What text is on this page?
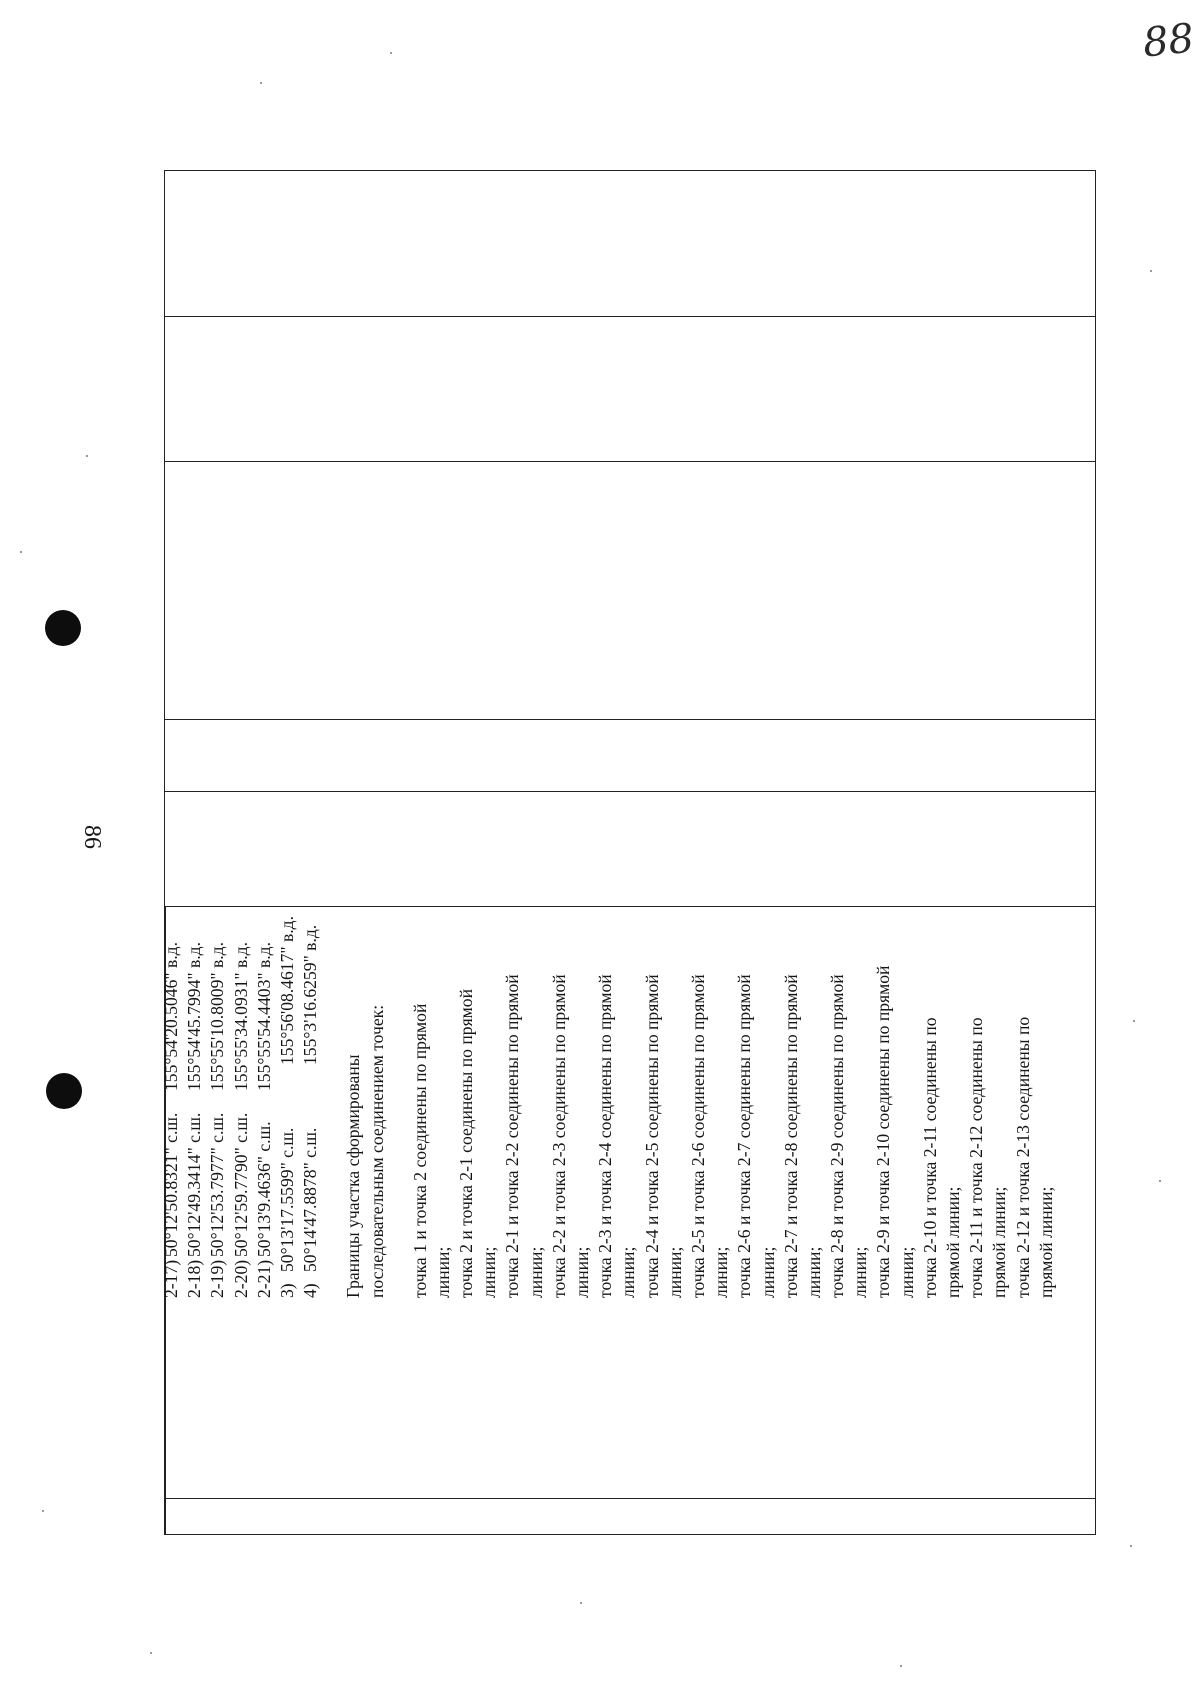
88
86
2-17)
50°12'50.8321" с.ш.
155°54'20.5046" в.д.
2-18)
50°12'49.3414" с.ш.
155°54'45.7994" в.д.
2-19)
50°12'53.7977" с.ш.
155°55'10.8009" в.д.
2-20)
50°12'59.7790" с.ш.
155°55'34.0931" в.д.
2-21)
50°13'9.4636" с.ш.
155°55'54.4403" в.д.
3)
50°13'17.5599" с.ш.
155°56'08.4617" в.д.
4)
50°14'47.8878" с.ш.
155°3'16.6259" в.д.
Границы участка сформированы последовательным соединением точек: точка 1 и точка 2 соединены по прямой линии; точка 2 и точка 2-1 соединены по прямой линии; точка 2-1 и точка 2-2 соединены по прямой линии; точка 2-2 и точка 2-3 соединены по прямой линии; точка 2-3 и точка 2-4 соединены по прямой линии; точка 2-4 и точка 2-5 соединены по прямой линии; точка 2-5 и точка 2-6 соединены по прямой линии; точка 2-6 и точка 2-7 соединены по прямой линии; точка 2-7 и точка 2-8 соединены по прямой линии; точка 2-8 и точка 2-9 соединены по прямой линии; точка 2-9 и точка 2-10 соединены по прямой линии; точка 2-10 и точка 2-11 соединены по прямой линии; точка 2-11 и точка 2-12 соединены по прямой линии; точка 2-12 и точка 2-13 соединены по прямой линии;
